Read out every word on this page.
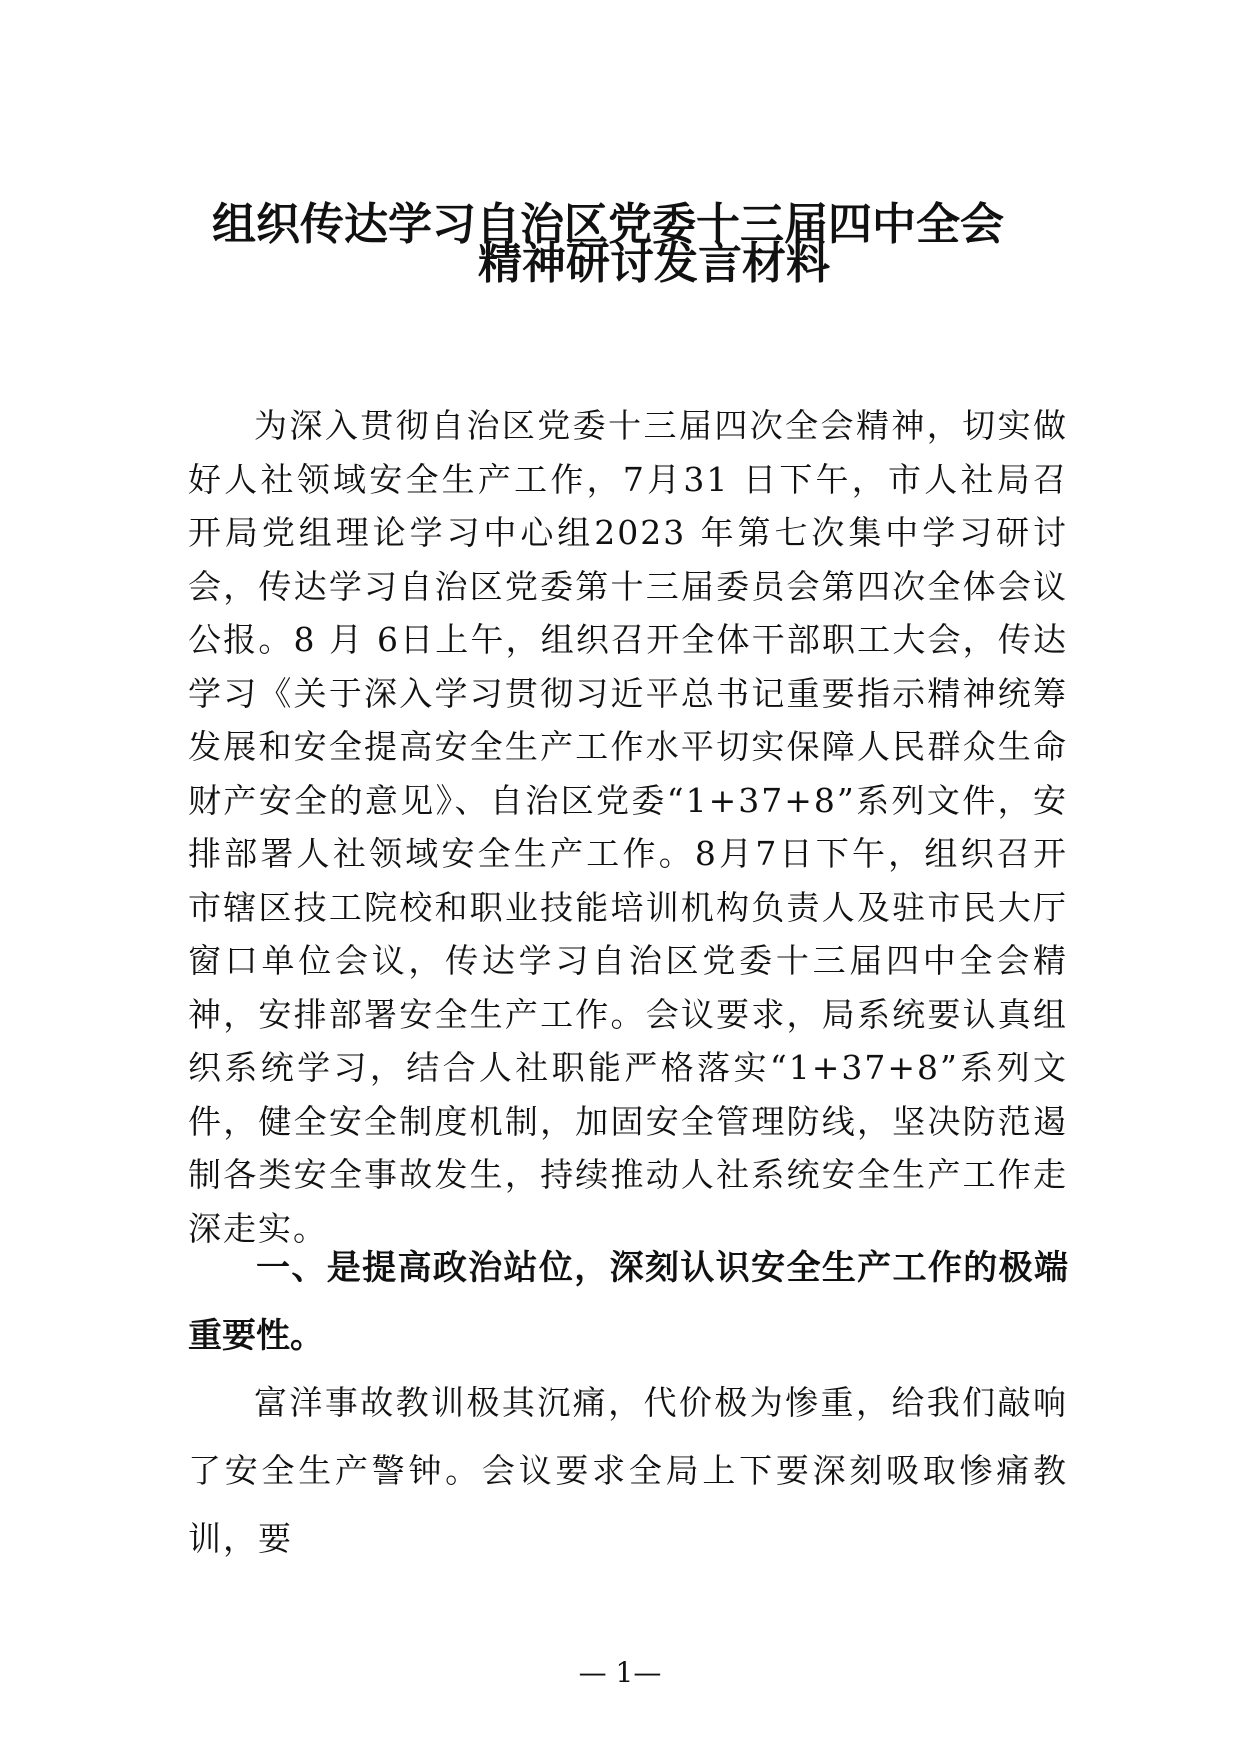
组织传达学习自治区党委十三届四中全会
精神研讨发言材料

为深入贯彻自治区党委十三届四次全会精神，切实做好人社领域安全生产工作，7月31 日下午，市人社局召开局党组理论学习中心组2023 年第七次集中学习研讨会，传达学习自治区党委第十三届委员会第四次全体会议公报。8 月 6日上午，组织召开全体干部职工大会，传达学习《关于深入学习贯彻习近平总书记重要指示精神统筹发展和安全提高安全生产工作水平切实保障人民群众生命财产安全的意见》、自治区党委“1+37+8”系列文件，安排部署人社领域安全生产工作。8月7日下午，组织召开市辖区技工院校和职业技能培训机构负责人及驻市民大厅窗口单位会议，传达学习自治区党委十三届四中全会精神，安排部署安全生产工作。会议要求，局系统要认真组织系统学习，结合人社职能严格落实“1+37+8”系列文件，健全安全制度机制，加固安全管理防线，坚决防范遏制各类安全事故发生，持续推动人社系统安全生产工作走深走实。

一、是提高政治站位，深刻认识安全生产工作的极端重要性。

富洋事故教训极其沉痛，代价极为惨重，给我们敲响了安全生产警钟。会议要求全局上下要深刻吸取惨痛教训，要

— 1—
